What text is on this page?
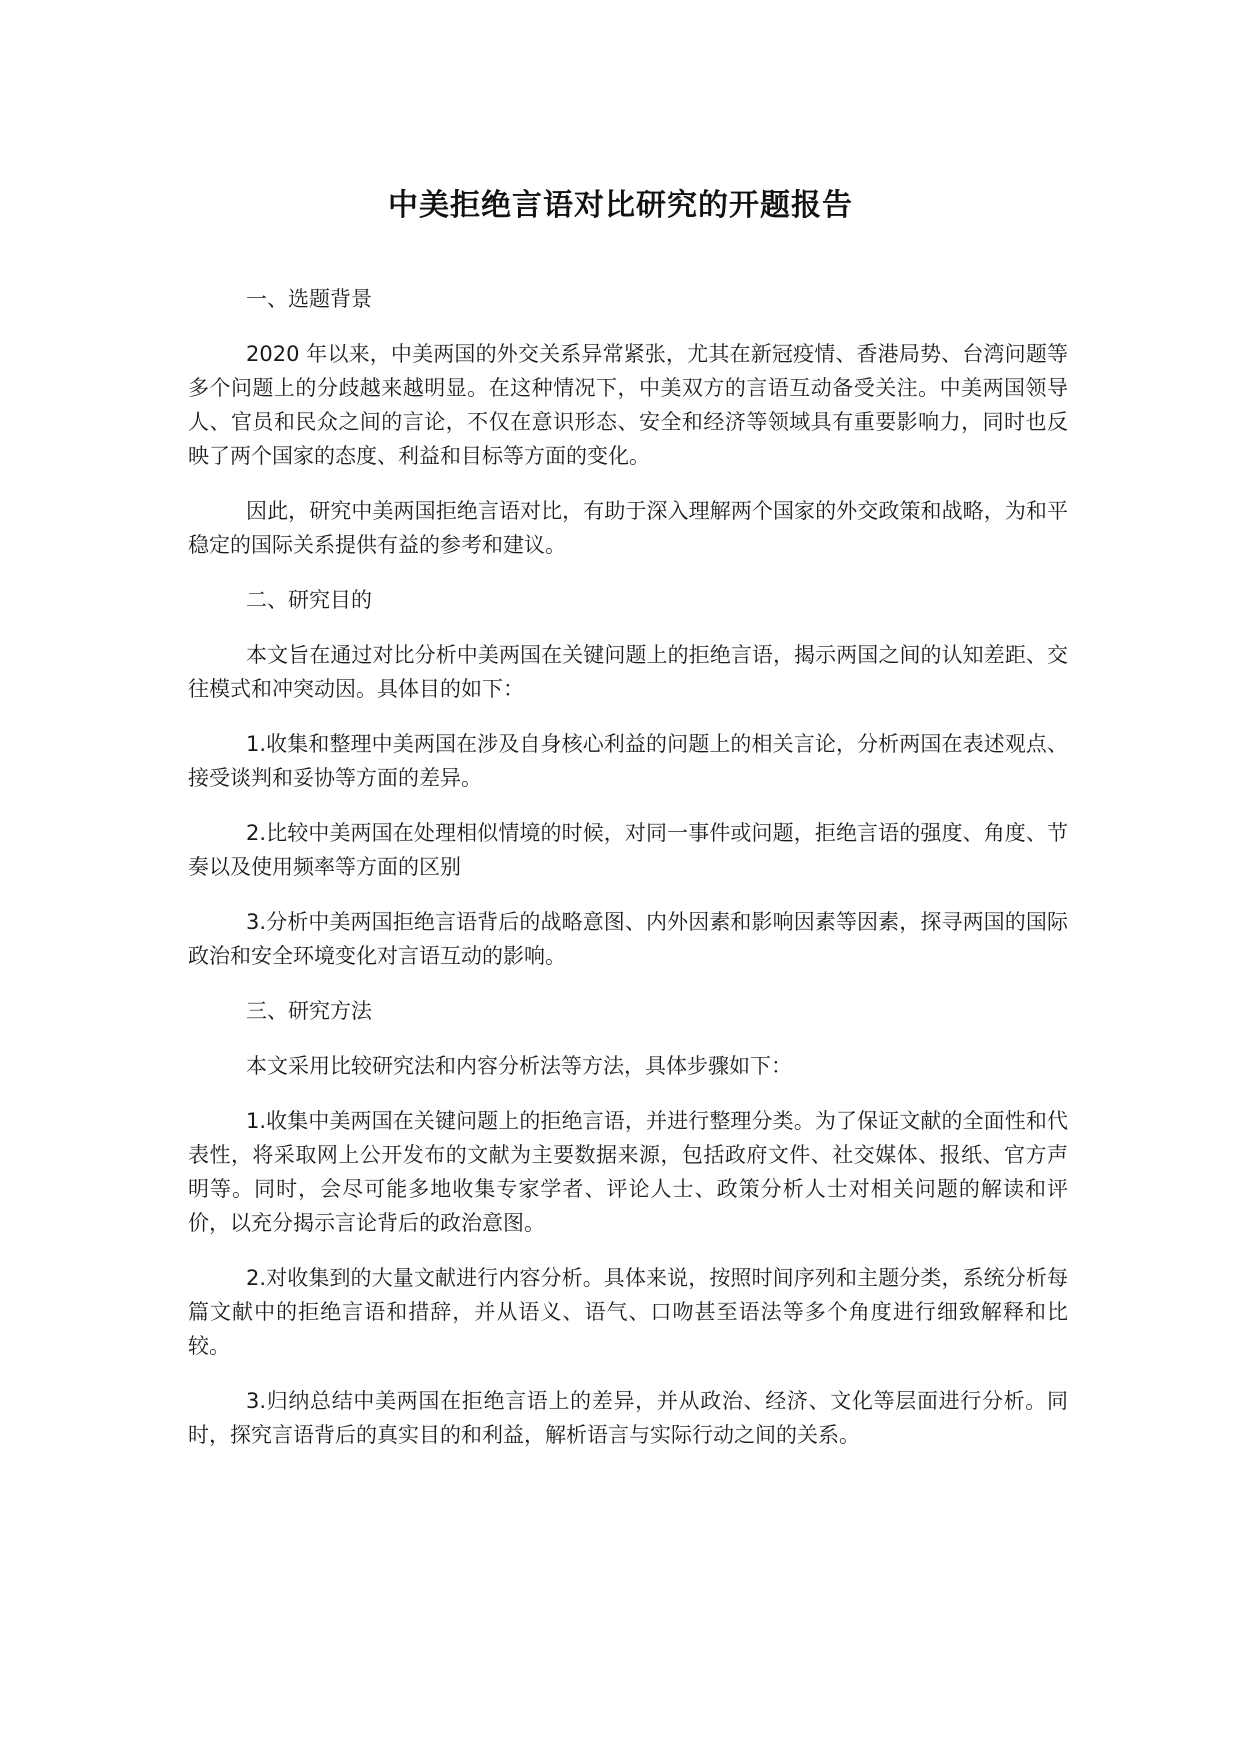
中美拒绝言语对比研究的开题报告

一、选题背景

2020 年以来，中美两国的外交关系异常紧张，尤其在新冠疫情、香港局势、台湾问题等多个问题上的分歧越来越明显。在这种情况下，中美双方的言语互动备受关注。中美两国领导人、官员和民众之间的言论，不仅在意识形态、安全和经济等领域具有重要影响力，同时也反映了两个国家的态度、利益和目标等方面的变化。

因此，研究中美两国拒绝言语对比，有助于深入理解两个国家的外交政策和战略，为和平稳定的国际关系提供有益的参考和建议。

二、研究目的

本文旨在通过对比分析中美两国在关键问题上的拒绝言语，揭示两国之间的认知差距、交往模式和冲突动因。具体目的如下：

1.收集和整理中美两国在涉及自身核心利益的问题上的相关言论，分析两国在表述观点、接受谈判和妥协等方面的差异。

2.比较中美两国在处理相似情境的时候，对同一事件或问题，拒绝言语的强度、角度、节奏以及使用频率等方面的区别

3.分析中美两国拒绝言语背后的战略意图、内外因素和影响因素等因素，探寻两国的国际政治和安全环境变化对言语互动的影响。

三、研究方法

本文采用比较研究法和内容分析法等方法，具体步骤如下：

1.收集中美两国在关键问题上的拒绝言语，并进行整理分类。为了保证文献的全面性和代表性，将采取网上公开发布的文献为主要数据来源，包括政府文件、社交媒体、报纸、官方声明等。同时，会尽可能多地收集专家学者、评论人士、政策分析人士对相关问题的解读和评价，以充分揭示言论背后的政治意图。

2.对收集到的大量文献进行内容分析。具体来说，按照时间序列和主题分类，系统分析每篇文献中的拒绝言语和措辞，并从语义、语气、口吻甚至语法等多个角度进行细致解释和比较。

3.归纳总结中美两国在拒绝言语上的差异，并从政治、经济、文化等层面进行分析。同时，探究言语背后的真实目的和利益，解析语言与实际行动之间的关系。
